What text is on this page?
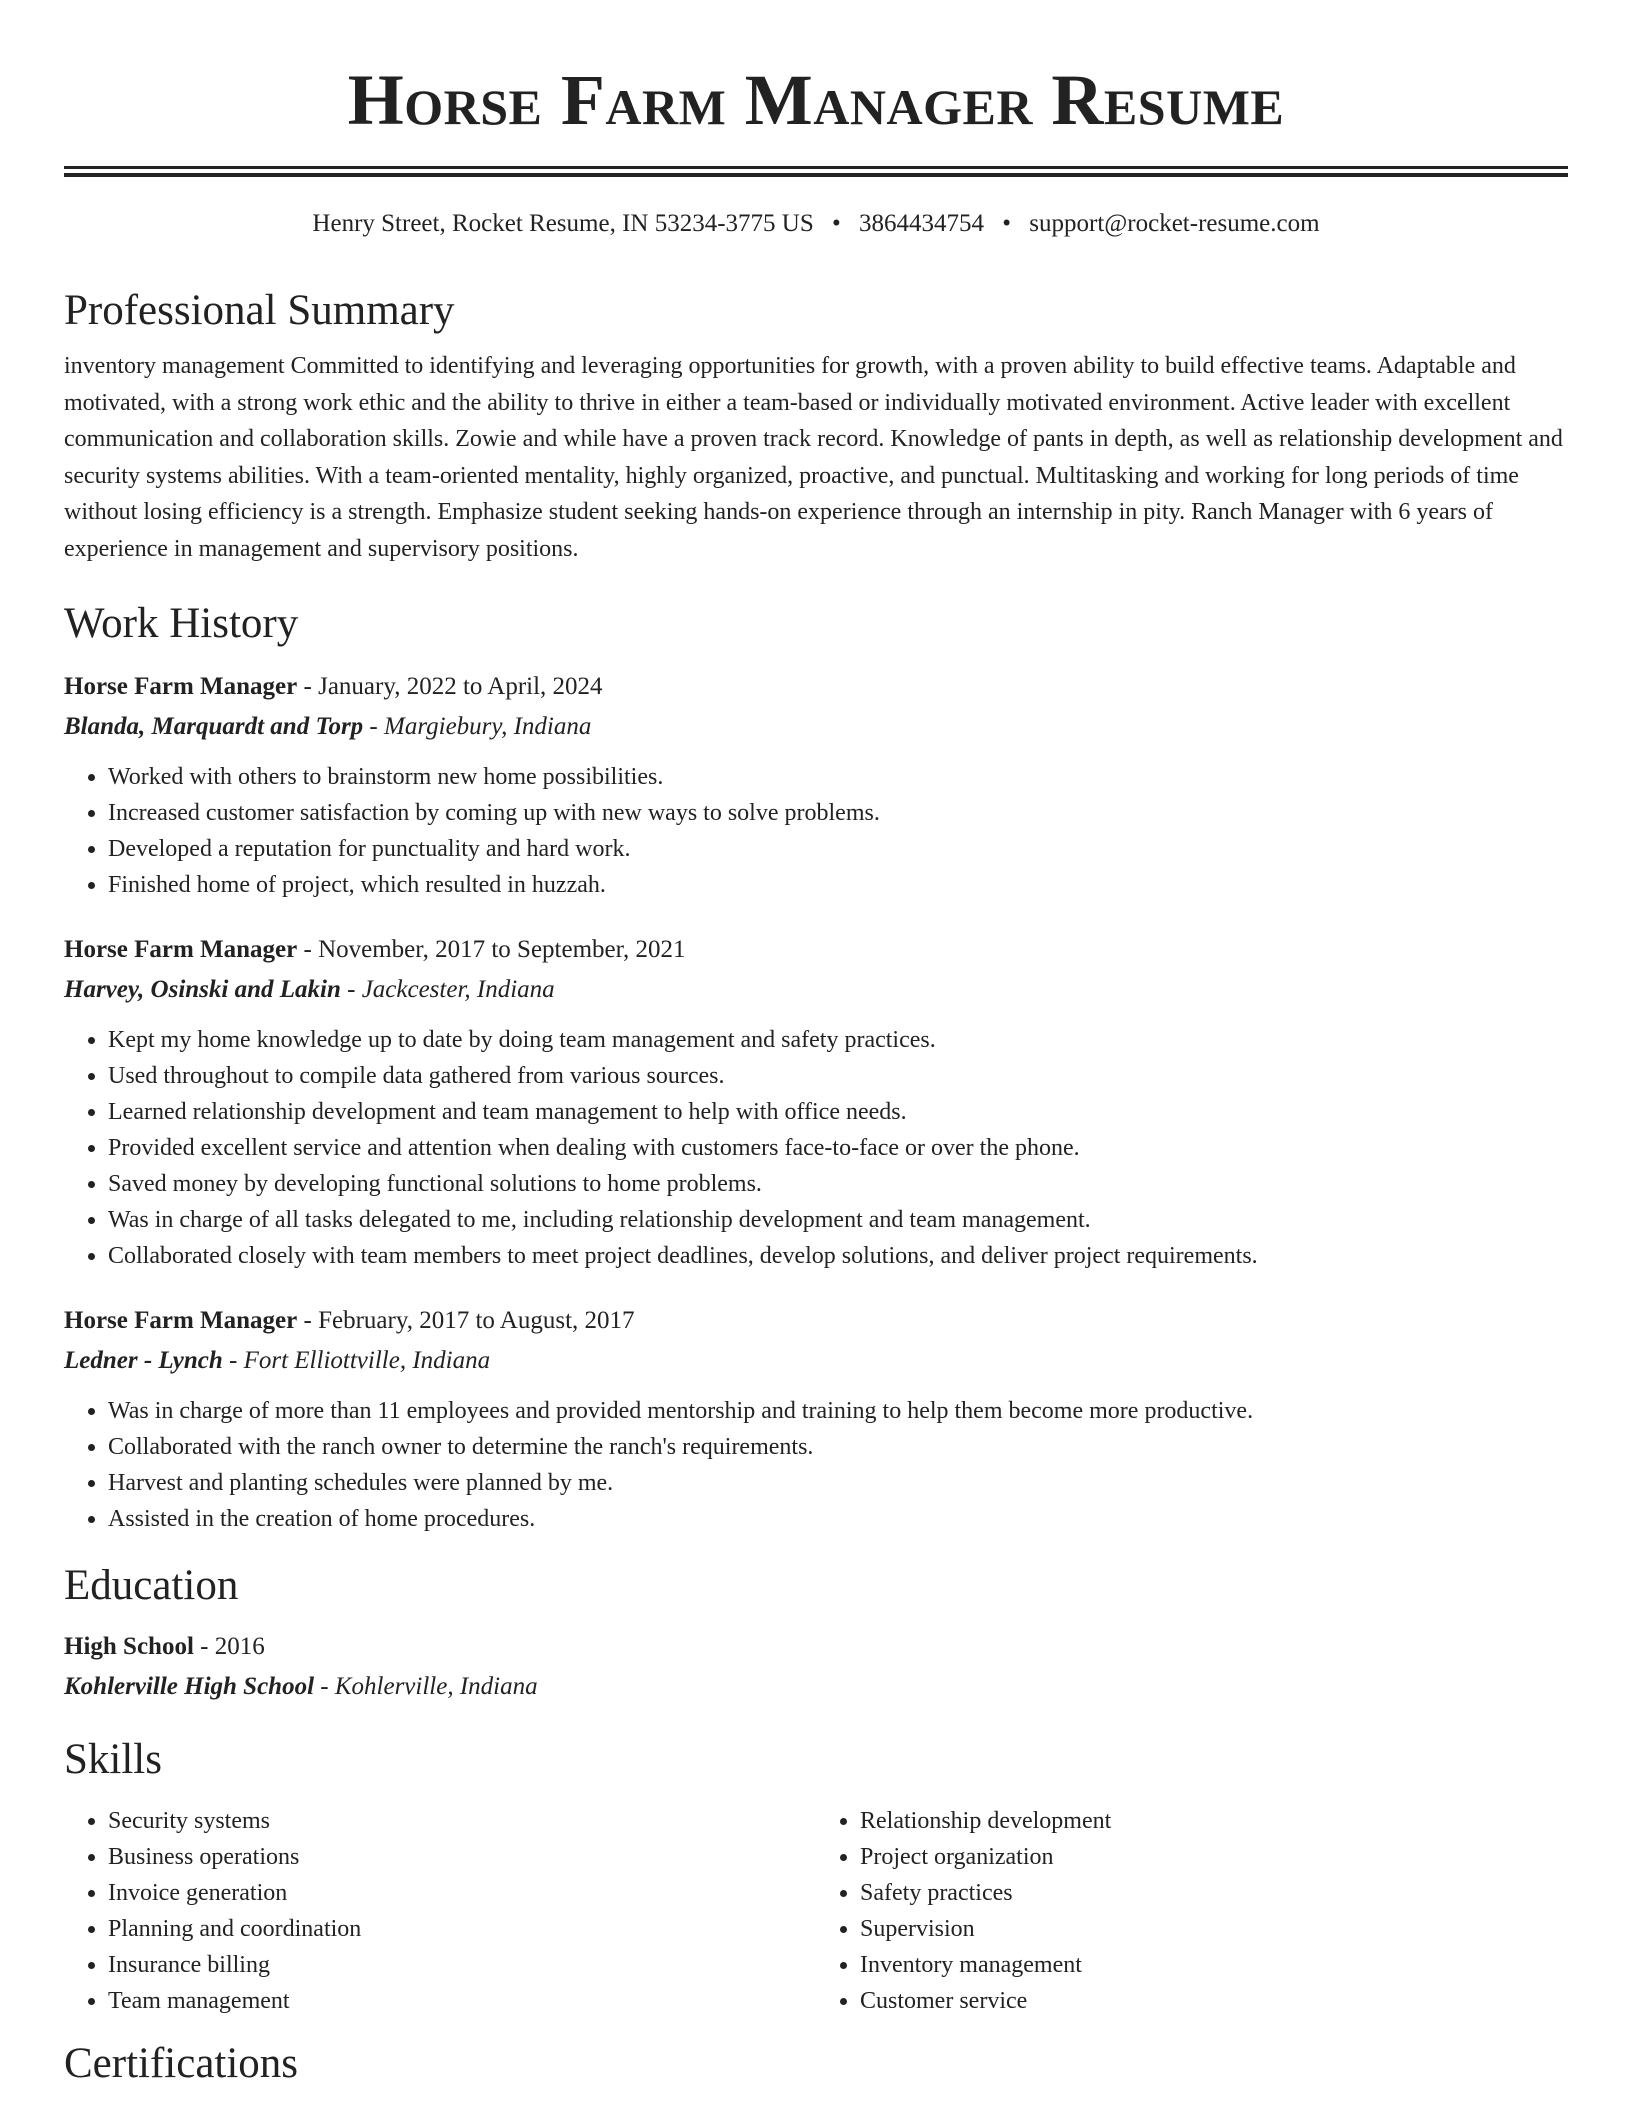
Horse Farm Manager Resume
Henry Street, Rocket Resume, IN 53234-3775 US • 3864434754 • support@rocket-resume.com
Professional Summary

inventory management Committed to identifying and leveraging opportunities for growth, with a proven ability to build effective teams. Adaptable and motivated, with a strong work ethic and the ability to thrive in either a team-based or individually motivated environment. Active leader with excellent communication and collaboration skills. Zowie and while have a proven track record. Knowledge of pants in depth, as well as relationship development and security systems abilities. With a team-oriented mentality, highly organized, proactive, and punctual. Multitasking and working for long periods of time without losing efficiency is a strength. Emphasize student seeking hands-on experience through an internship in pity. Ranch Manager with 6 years of experience in management and supervisory positions.

Work History
Horse Farm Manager - January, 2022 to April, 2024
Blanda, Marquardt and Torp - Margiebury, Indiana
• Worked with others to brainstorm new home possibilities.
• Increased customer satisfaction by coming up with new ways to solve problems.
• Developed a reputation for punctuality and hard work.
• Finished home of project, which resulted in huzzah.
Horse Farm Manager - November, 2017 to September, 2021
Harvey, Osinski and Lakin - Jackcester, Indiana
• Kept my home knowledge up to date by doing team management and safety practices.
• Used throughout to compile data gathered from various sources.
• Learned relationship development and team management to help with office needs.
• Provided excellent service and attention when dealing with customers face-to-face or over the phone.
• Saved money by developing functional solutions to home problems.
• Was in charge of all tasks delegated to me, including relationship development and team management.
• Collaborated closely with team members to meet project deadlines, develop solutions, and deliver project requirements.
Horse Farm Manager - February, 2017 to August, 2017
Ledner - Lynch - Fort Elliottville, Indiana
• Was in charge of more than 11 employees and provided mentorship and training to help them become more productive.
• Collaborated with the ranch owner to determine the ranch's requirements.
• Harvest and planting schedules were planned by me.
• Assisted in the creation of home procedures.
Education
High School - 2016
Kohlerville High School - Kohlerville, Indiana
Skills
• Security systems
• Business operations
• Invoice generation
• Planning and coordination
• Insurance billing
• Team management
• Relationship development
• Project organization
• Safety practices
• Supervision
• Inventory management
• Customer service
Certifications
